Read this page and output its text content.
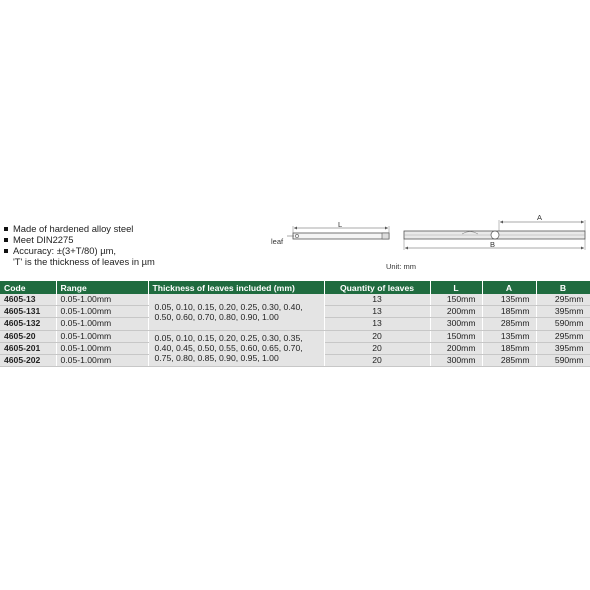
Made of hardened alloy steel
Meet DIN2275
Accuracy: ±(3+T/80) µm,
'T' is the thickness of leaves in µm
leaf
L
A
B
Unit: mm
Code	Range	Thickness of leaves included (mm)	Quantity of leaves	L	A	B
4605-13	0.05-1.00mm	0.05, 0.10, 0.15, 0.20, 0.25, 0.30, 0.40, 0.50, 0.60, 0.70, 0.80, 0.90, 1.00	13	150mm	135mm	295mm
4605-131	0.05-1.00mm		13	200mm	185mm	395mm
4605-132	0.05-1.00mm		13	300mm	285mm	590mm
4605-20	0.05-1.00mm	0.05, 0.10, 0.15, 0.20, 0.25, 0.30, 0.35, 0.40, 0.45, 0.50, 0.55, 0.60, 0.65, 0.70, 0.75, 0.80, 0.85, 0.90, 0.95, 1.00	20	150mm	135mm	295mm
4605-201	0.05-1.00mm		20	200mm	185mm	395mm
4605-202	0.05-1.00mm		20	300mm	285mm	590mm
